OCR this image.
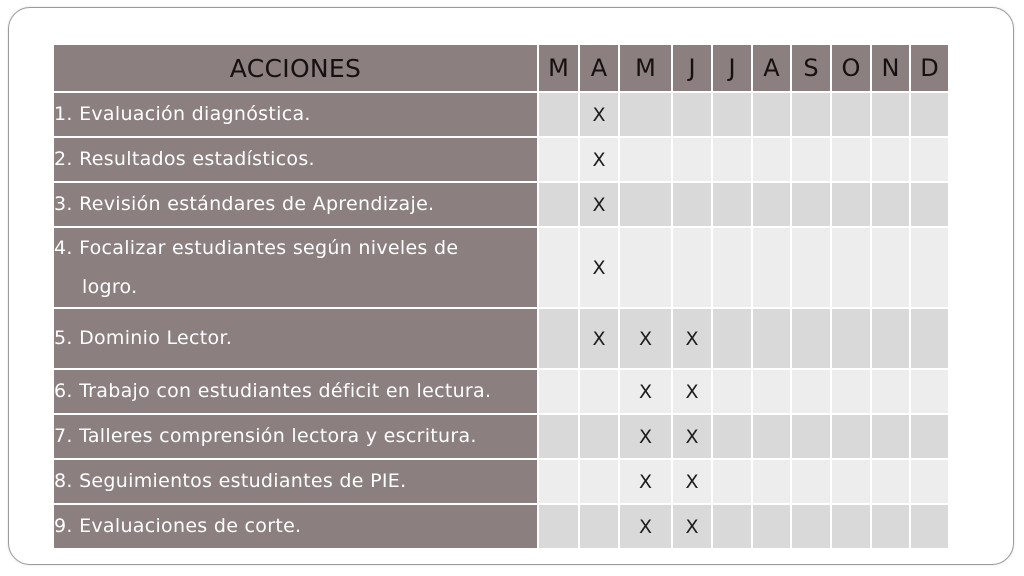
ACCIONES	M	A	M	J	J	A	S	O	N	D
1. Evaluación diagnóstica.		X								
2. Resultados estadísticos.		X								
3. Revisión estándares de Aprendizaje.		X								
4. Focalizar estudiantes según niveles de
logro.		X								
5. Dominio Lector.		X	X	X						
6. Trabajo con estudiantes déficit en lectura.			X	X						
7. Talleres comprensión lectora y escritura.			X	X						
8. Seguimientos estudiantes de PIE.			X	X						
9. Evaluaciones de corte.			X	X						
